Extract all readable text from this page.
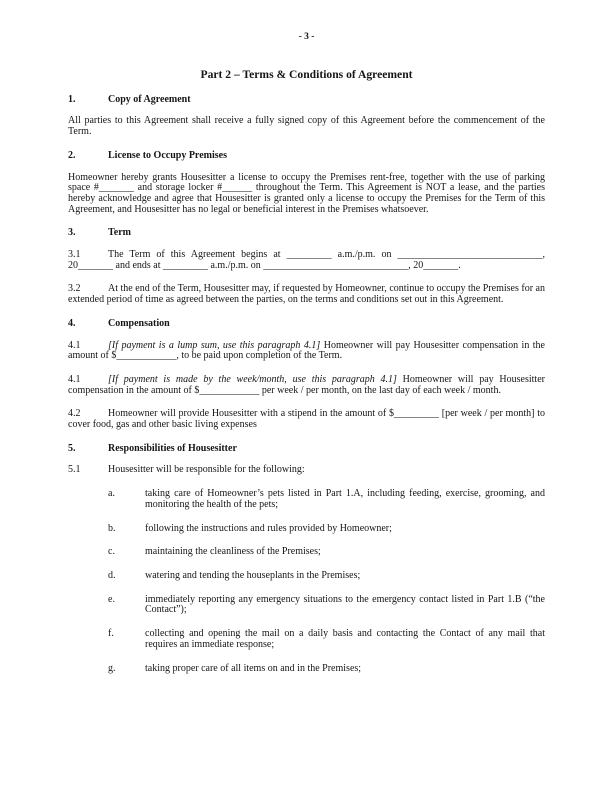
- 3 -
Part 2 – Terms & Conditions of Agreement
1.	Copy of Agreement

All parties to this Agreement shall receive a fully signed copy of this Agreement before the commencement of the Term.

2.	License to Occupy Premises

Homeowner hereby grants Housesitter a license to occupy the Premises rent-free, together with the use of parking space #_______ and storage locker #______ throughout the Term. This Agreement is NOT a lease, and the parties hereby acknowledge and agree that Housesitter is granted only a license to occupy the Premises for the Term of this Agreement, and Housesitter has no legal or beneficial interest in the Premises whatsoever.

3.	Term

3.1	The Term of this Agreement begins at _________ a.m./p.m. on _____________________________, 20_______ and ends at _________ a.m./p.m. on _____________________________, 20_______.

3.2	At the end of the Term, Housesitter may, if requested by Homeowner, continue to occupy the Premises for an extended period of time as agreed between the parties, on the terms and conditions set out in this Agreement.

4.	Compensation

4.1	[If payment is a lump sum, use this paragraph 4.1] Homeowner will pay Housesitter compensation in the amount of $____________, to be paid upon completion of the Term.

4.1	[If payment is made by the week/month, use this paragraph 4.1] Homeowner will pay Housesitter compensation in the amount of $____________ per week / per month, on the last day of each week / month.

4.2	Homeowner will provide Housesitter with a stipend in the amount of $_________ [per week / per month] to cover food, gas and other basic living expenses

5.	Responsibilities of Housesitter

5.1	Housesitter will be responsible for the following:

a.	taking care of Homeowner’s pets listed in Part 1.A, including feeding, exercise, grooming, and monitoring the health of the pets;
b.	following the instructions and rules provided by Homeowner;
c.	maintaining the cleanliness of the Premises;
d.	watering and tending the houseplants in the Premises;
e.	immediately reporting any emergency situations to the emergency contact listed in Part 1.B (“the Contact”);
f.	collecting and opening the mail on a daily basis and contacting the Contact of any mail that requires an immediate response;
g.	taking proper care of all items on and in the Premises;
